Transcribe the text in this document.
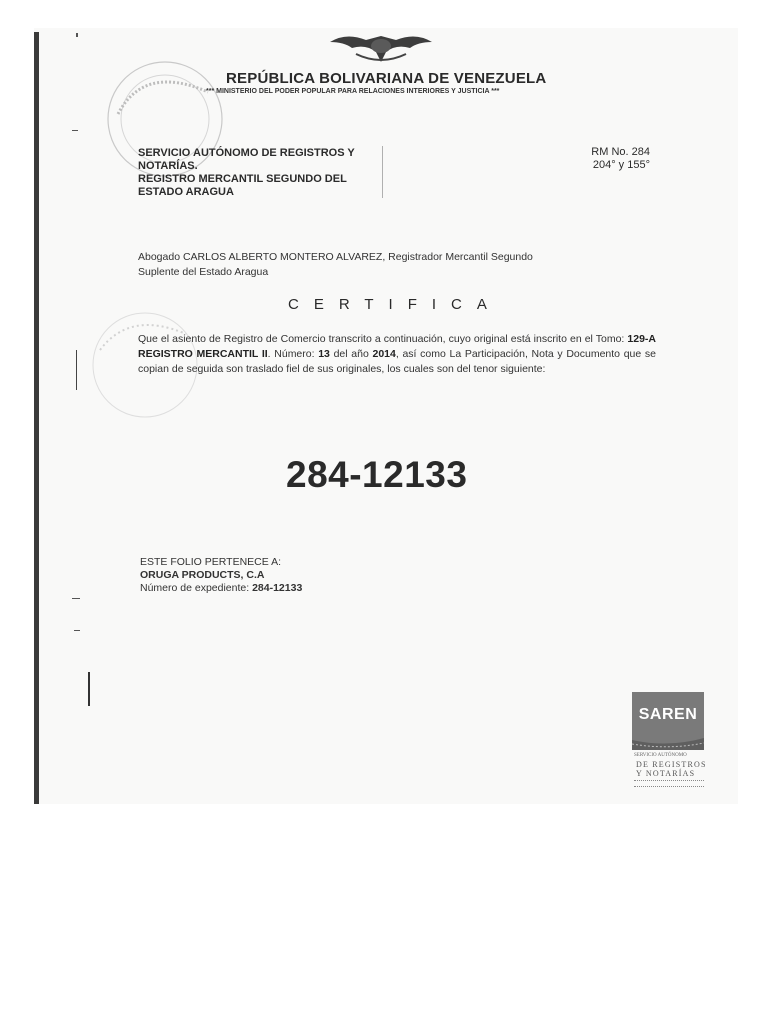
REPÚBLICA BOLIVARIANA DE VENEZUELA
*** MINISTERIO DEL PODER POPULAR PARA RELACIONES INTERIORES Y JUSTICIA ***
SERVICIO AUTÓNOMO DE REGISTROS Y
NOTARÍAS.
REGISTRO MERCANTIL SEGUNDO DEL
ESTADO ARAGUA
RM No. 284
204° y 155°
Abogado CARLOS ALBERTO MONTERO ALVAREZ, Registrador Mercantil Segundo
Suplente del Estado Aragua
CERTIFICA
Que el asiento de Registro de Comercio transcrito a continuación, cuyo original está inscrito en el Tomo: 129-A REGISTRO MERCANTIL II. Número: 13 del año 2014, así como La Participación, Nota y Documento que se copian de seguida son traslado fiel de sus originales, los cuales son del tenor siguiente:
284-12133
ESTE FOLIO PERTENECE A:
ORUGA PRODUCTS, C.A
Número de expediente: 284-12133
SAREN
SERVICIO AUTÓNOMO
DE REGISTROS
Y NOTARÍAS
